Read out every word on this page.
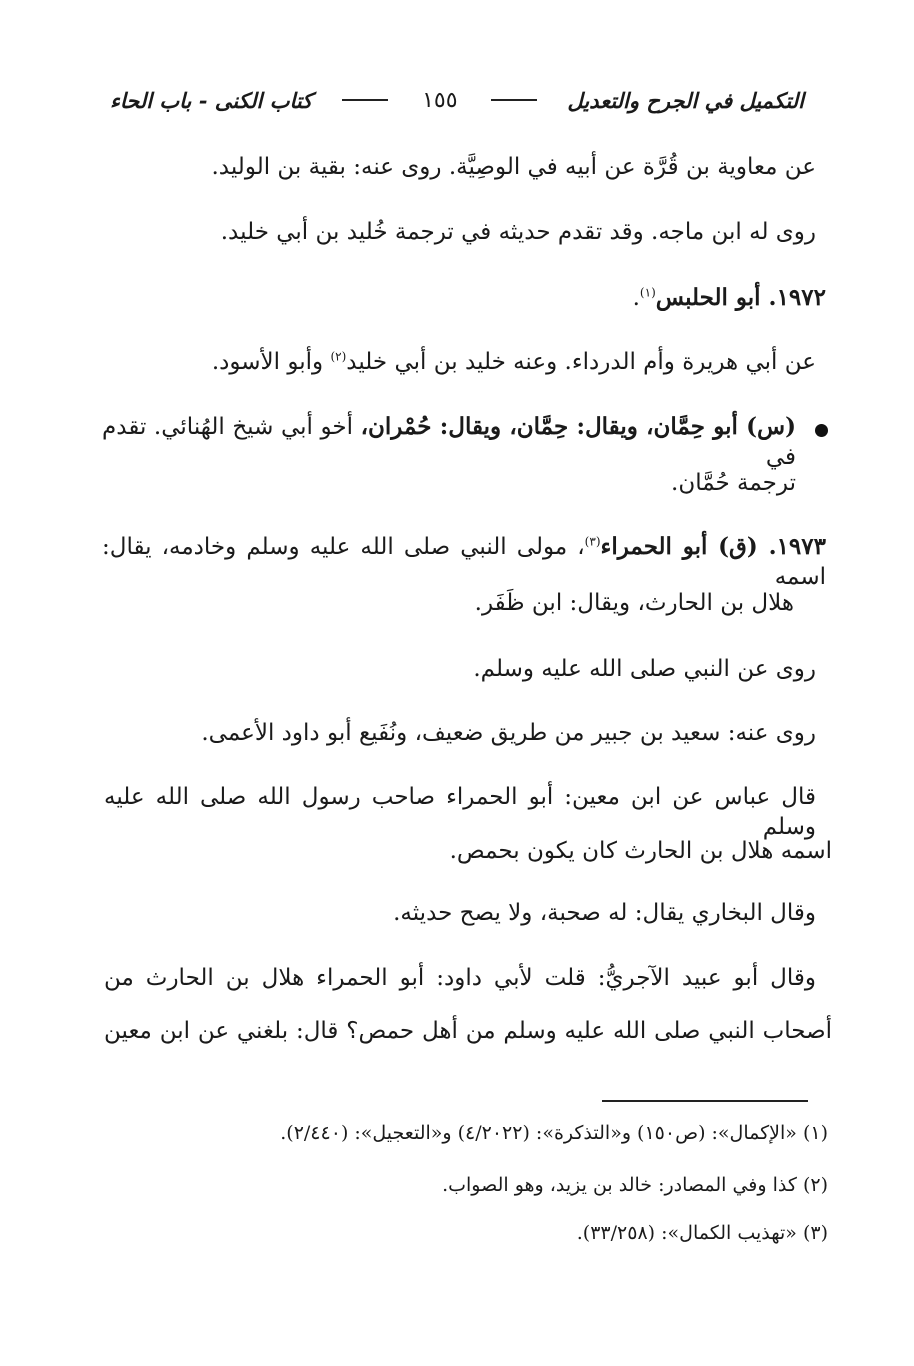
التكميل في الجرح والتعديل
١٥٥
كتاب الكنى - باب الحاء
عن معاوية بن قُرَّة عن أبيه في الوصِيَّة. روى عنه: بقية بن الوليد.
روى له ابن ماجه. وقد تقدم حديثه في ترجمة خُليد بن أبي خليد.
١٩٧٢. أبو الحلبس$^{(١)}$.
عن أبي هريرة وأم الدرداء. وعنه خليد بن أبي خليد$^{(٢)}$ وأبو الأسود.
(س) أبو حِمَّان، ويقال: حِمَّان، ويقال: حُمْران، أخو أبي شيخ الهُنائي. تقدم في
ترجمة حُمَّان.
١٩٧٣. (ق) أبو الحمراء$^{(٣)}$، مولى النبي صلى الله عليه وسلم وخادمه، يقال: اسمه
هلال بن الحارث، ويقال: ابن ظَفَر.
روى عن النبي صلى الله عليه وسلم.
روى عنه: سعيد بن جبير من طريق ضعيف، ونُفَيع أبو داود الأعمى.
قال عباس عن ابن معين: أبو الحمراء صاحب رسول الله صلى الله عليه وسلم
اسمه هلال بن الحارث كان يكون بحمص.
وقال البخاري يقال: له صحبة، ولا يصح حديثه.
وقال أبو عبيد الآجريُّ: قلت لأبي داود: أبو الحمراء هلال بن الحارث من
أصحاب النبي صلى الله عليه وسلم من أهل حمص؟ قال: بلغني عن ابن معين
(١) «الإكمال»: (ص١٥٠) و«التذكرة»: (٤/٢٠٢٢) و«التعجيل»: (٢/٤٤٠).
(٢) كذا وفي المصادر: خالد بن يزيد، وهو الصواب.
(٣) «تهذيب الكمال»: (٣٣/٢٥٨).
